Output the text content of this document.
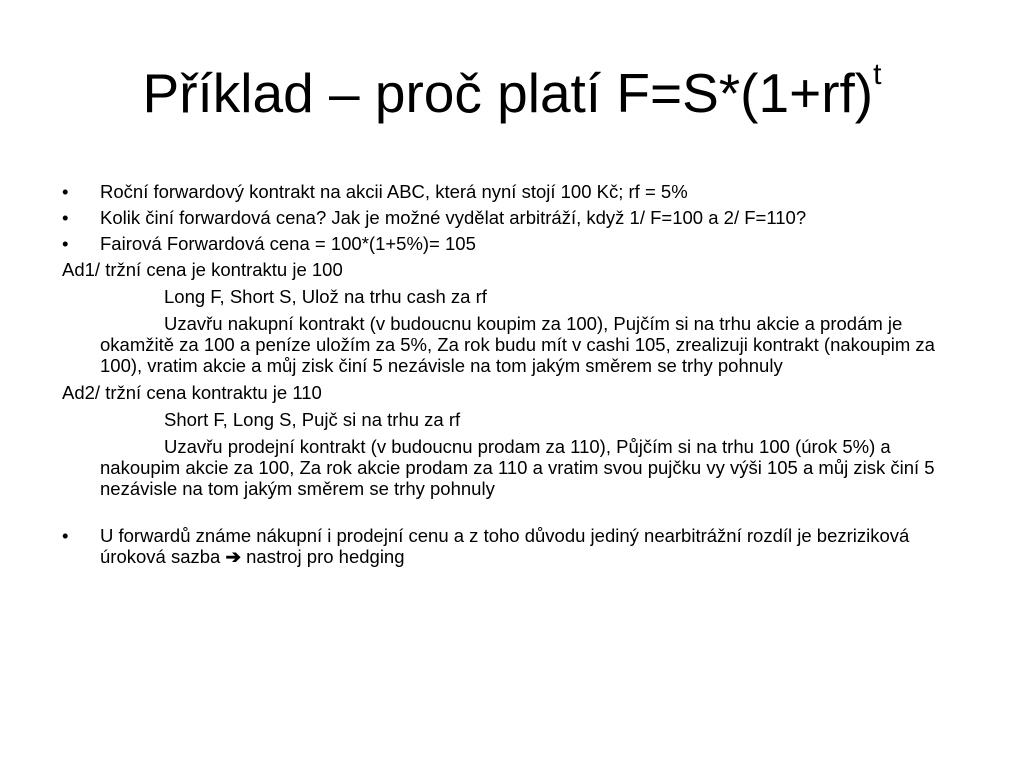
Příklad – proč platí $F=S*(1+rf)^t$
• Roční forwardový kontrakt na akcii ABC, která nyní stojí 100 Kč; rf = 5%
• Kolik činí forwardová cena? Jak je možné vydělat arbitráží, když 1/ F=100 a 2/ F=110?
• Fairová Forwardová cena = 100*(1+5%)= 105
Ad1/ tržní cena je kontraktu je 100
Long F, Short S, Ulož na trhu cash za rf
Uzavřu nakupní kontrakt (v budoucnu koupim za 100), Pujčím si na trhu akcie a prodám je okamžitě za 100 a peníze uložím za 5%, Za rok budu mít v cashi 105, zrealizuji kontrakt (nakoupim za 100), vratim akcie a můj zisk činí 5 nezávisle na tom jakým směrem se trhy pohnuly
Ad2/ tržní cena kontraktu je 110
Short F, Long S, Pujč si na trhu za rf
Uzavřu prodejní kontrakt (v budoucnu prodam za 110), Půjčím si na trhu 100 (úrok 5%) a nakoupim akcie za 100, Za rok akcie prodam za 110 a vratim svou pujčku vy výši 105 a můj zisk činí 5 nezávisle na tom jakým směrem se trhy pohnuly
• U forwardů známe nákupní i prodejní cenu a z toho důvodu jediný nearbitrážní rozdíl je bezriziková úroková sazba ➔ nastroj pro hedging
